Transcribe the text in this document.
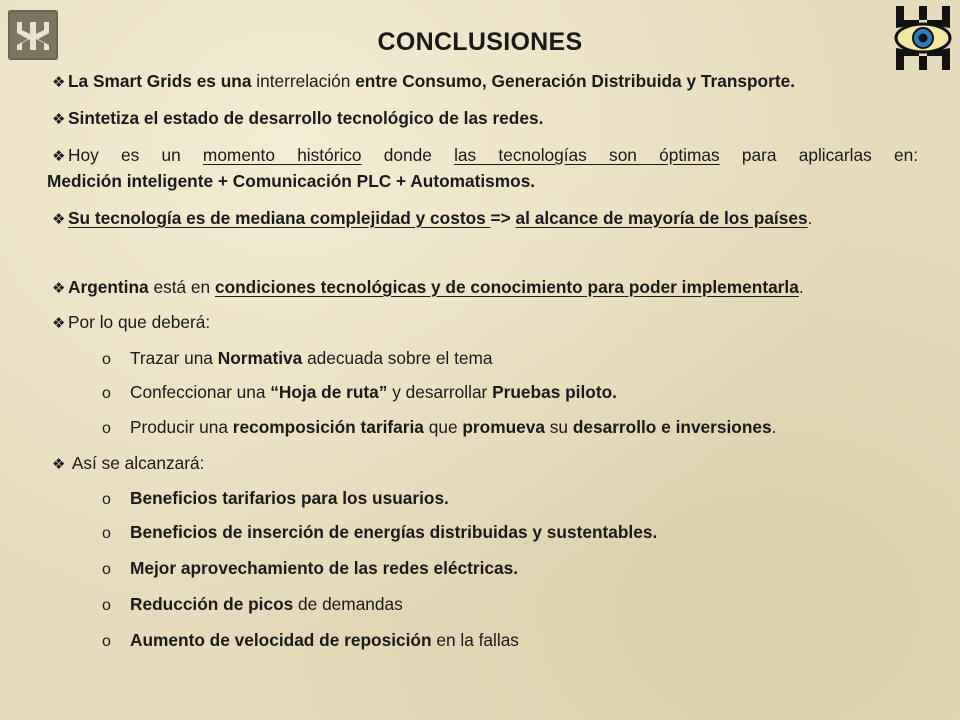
CONCLUSIONES
❖ La Smart Grids es una interrelación entre Consumo, Generación Distribuida y Transporte.
❖ Sintetiza el estado de desarrollo tecnológico de las redes.
❖ Hoy es un momento histórico donde las tecnologías son óptimas para aplicarlas en:
Medición inteligente + Comunicación PLC + Automatismos.
❖ Su tecnología es de mediana complejidad y costos => al alcance de mayoría de los países.
❖ Argentina está en condiciones tecnológicas y de conocimiento para poder implementarla.
❖ Por lo que deberá:
o Trazar una Normativa adecuada sobre el tema
o Confeccionar una “Hoja de ruta” y desarrollar Pruebas piloto.
o Producir una recomposición tarifaria que promueva su desarrollo e inversiones.
❖ Así se alcanzará:
o Beneficios tarifarios para los usuarios.
o Beneficios de inserción de energías distribuidas y sustentables.
o Mejor aprovechamiento de las redes eléctricas.
o Reducción de picos de demandas
o Aumento de velocidad de reposición en la fallas
